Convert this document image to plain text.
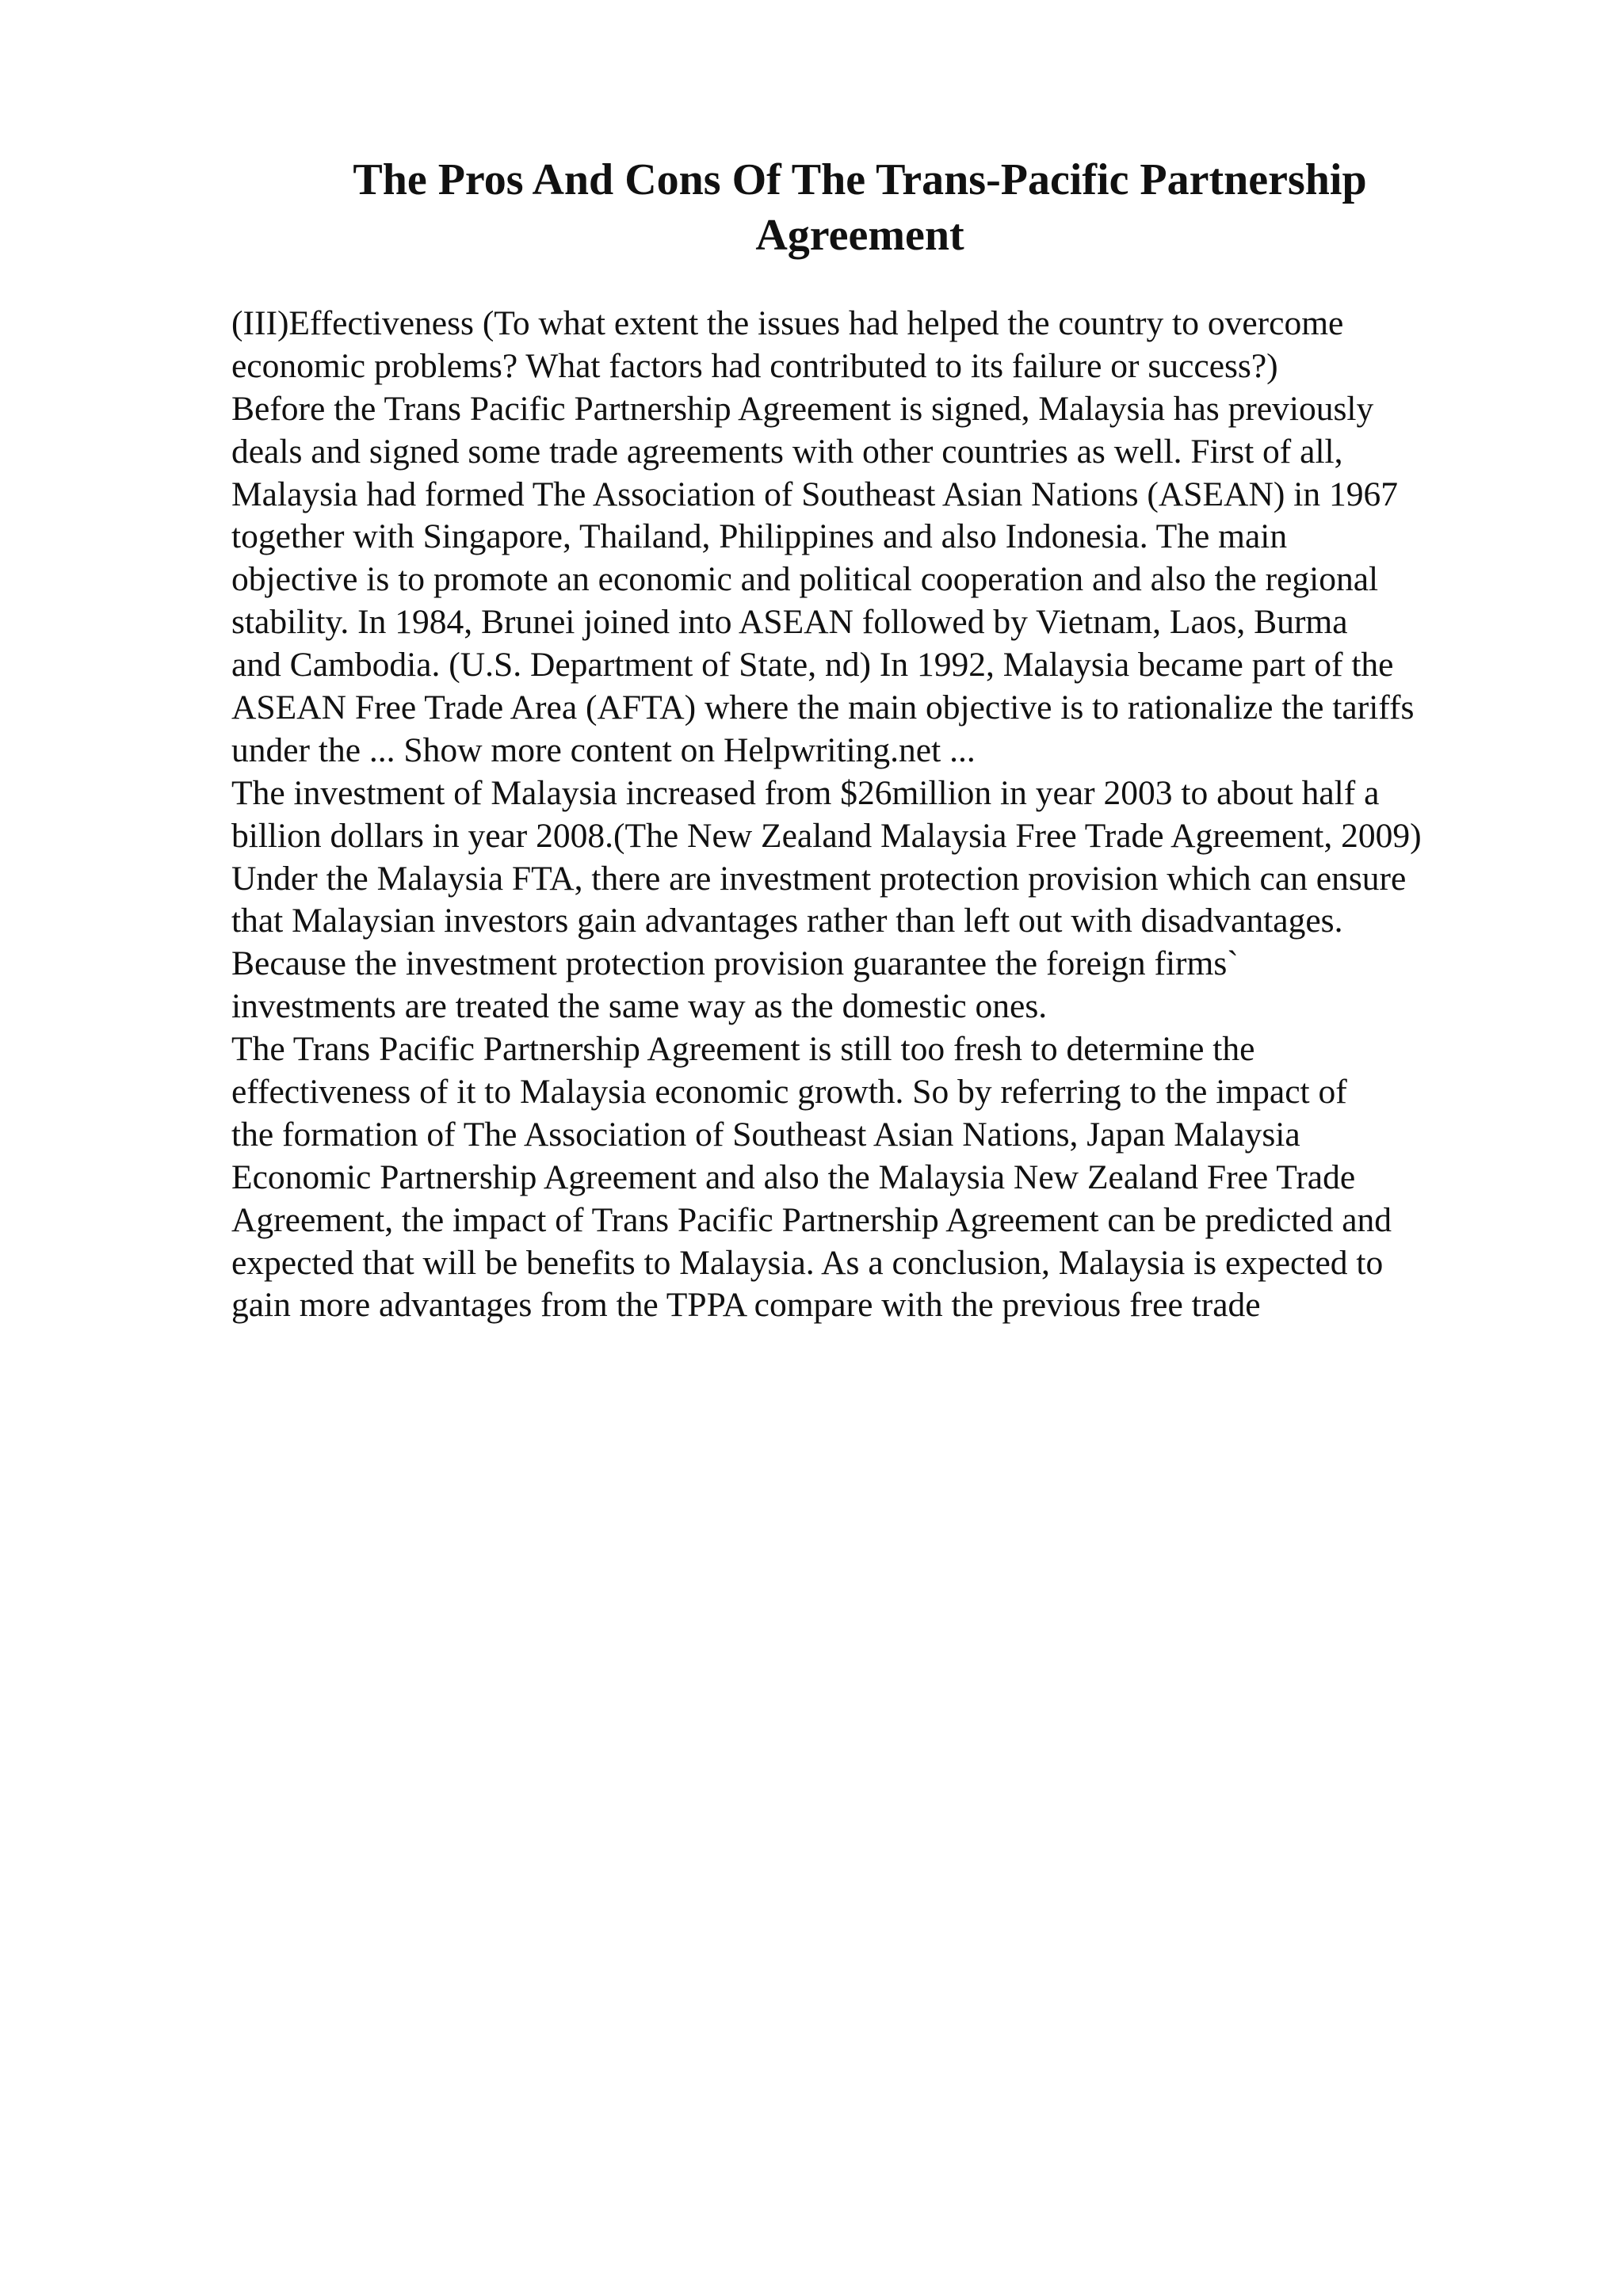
The Pros And Cons Of The Trans-Pacific Partnership
Agreement
(III)Effectiveness (To what extent the issues had helped the country to overcome
economic problems? What factors had contributed to its failure or success?)
Before the Trans Pacific Partnership Agreement is signed, Malaysia has previously
deals and signed some trade agreements with other countries as well. First of all,
Malaysia had formed The Association of Southeast Asian Nations (ASEAN) in 1967
together with Singapore, Thailand, Philippines and also Indonesia. The main
objective is to promote an economic and political cooperation and also the regional
stability. In 1984, Brunei joined into ASEAN followed by Vietnam, Laos, Burma
and Cambodia. (U.S. Department of State, nd) In 1992, Malaysia became part of the
ASEAN Free Trade Area (AFTA) where the main objective is to rationalize the tariffs
under the ... Show more content on Helpwriting.net ...
The investment of Malaysia increased from $26million in year 2003 to about half a
billion dollars in year 2008.(The New Zealand Malaysia Free Trade Agreement, 2009)
Under the Malaysia FTA, there are investment protection provision which can ensure
that Malaysian investors gain advantages rather than left out with disadvantages.
Because the investment protection provision guarantee the foreign firms`
investments are treated the same way as the domestic ones.
The Trans Pacific Partnership Agreement is still too fresh to determine the
effectiveness of it to Malaysia economic growth. So by referring to the impact of
the formation of The Association of Southeast Asian Nations, Japan Malaysia
Economic Partnership Agreement and also the Malaysia New Zealand Free Trade
Agreement, the impact of Trans Pacific Partnership Agreement can be predicted and
expected that will be benefits to Malaysia. As a conclusion, Malaysia is expected to
gain more advantages from the TPPA compare with the previous free trade
